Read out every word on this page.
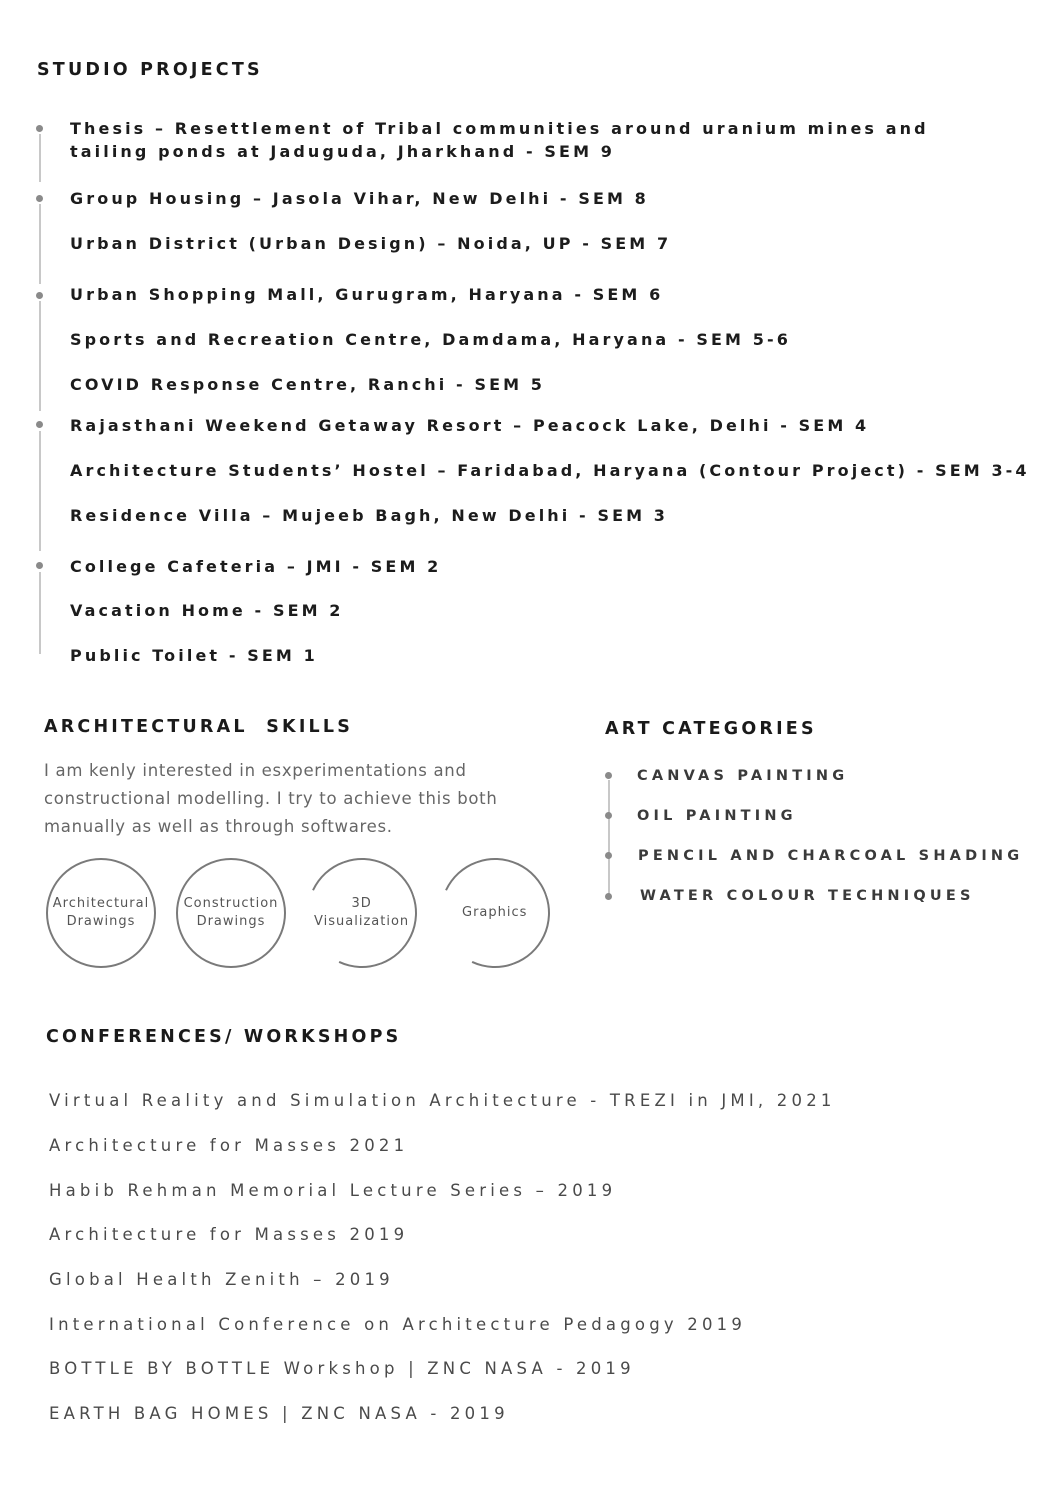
STUDIO PROJECTS
Thesis – Resettlement of Tribal communities around uranium mines and
tailing ponds at Jaduguda, Jharkhand - SEM 9
Group Housing – Jasola Vihar, New Delhi - SEM 8
Urban District (Urban Design) – Noida, UP - SEM 7
Urban Shopping Mall, Gurugram, Haryana - SEM 6
Sports and Recreation Centre, Damdama, Haryana - SEM 5-6
COVID Response Centre, Ranchi - SEM 5
Rajasthani Weekend Getaway Resort – Peacock Lake, Delhi - SEM 4
Architecture Students’ Hostel – Faridabad, Haryana (Contour Project) - SEM 3-4
Residence Villa – Mujeeb Bagh, New Delhi - SEM 3
College Cafeteria – JMI - SEM 2
Vacation Home - SEM 2
Public Toilet - SEM 1
ARCHITECTURAL  SKILLS
I am kenly interested in esxperimentations and constructional modelling. I try to achieve this both manually as well as through softwares.
Architectural
Drawings
Construction
Drawings
3D
Visualization
Graphics
ART CATEGORIES
CANVAS PAINTING
OIL PAINTING
PENCIL AND CHARCOAL SHADING
WATER COLOUR TECHNIQUES
CONFERENCES/ WORKSHOPS
Virtual Reality and Simulation Architecture - TREZI in JMI, 2021
Architecture for Masses 2021
Habib Rehman Memorial Lecture Series – 2019
Architecture for Masses 2019
Global Health Zenith – 2019
International Conference on Architecture Pedagogy 2019
BOTTLE BY BOTTLE Workshop | ZNC NASA - 2019
EARTH BAG HOMES | ZNC NASA - 2019
